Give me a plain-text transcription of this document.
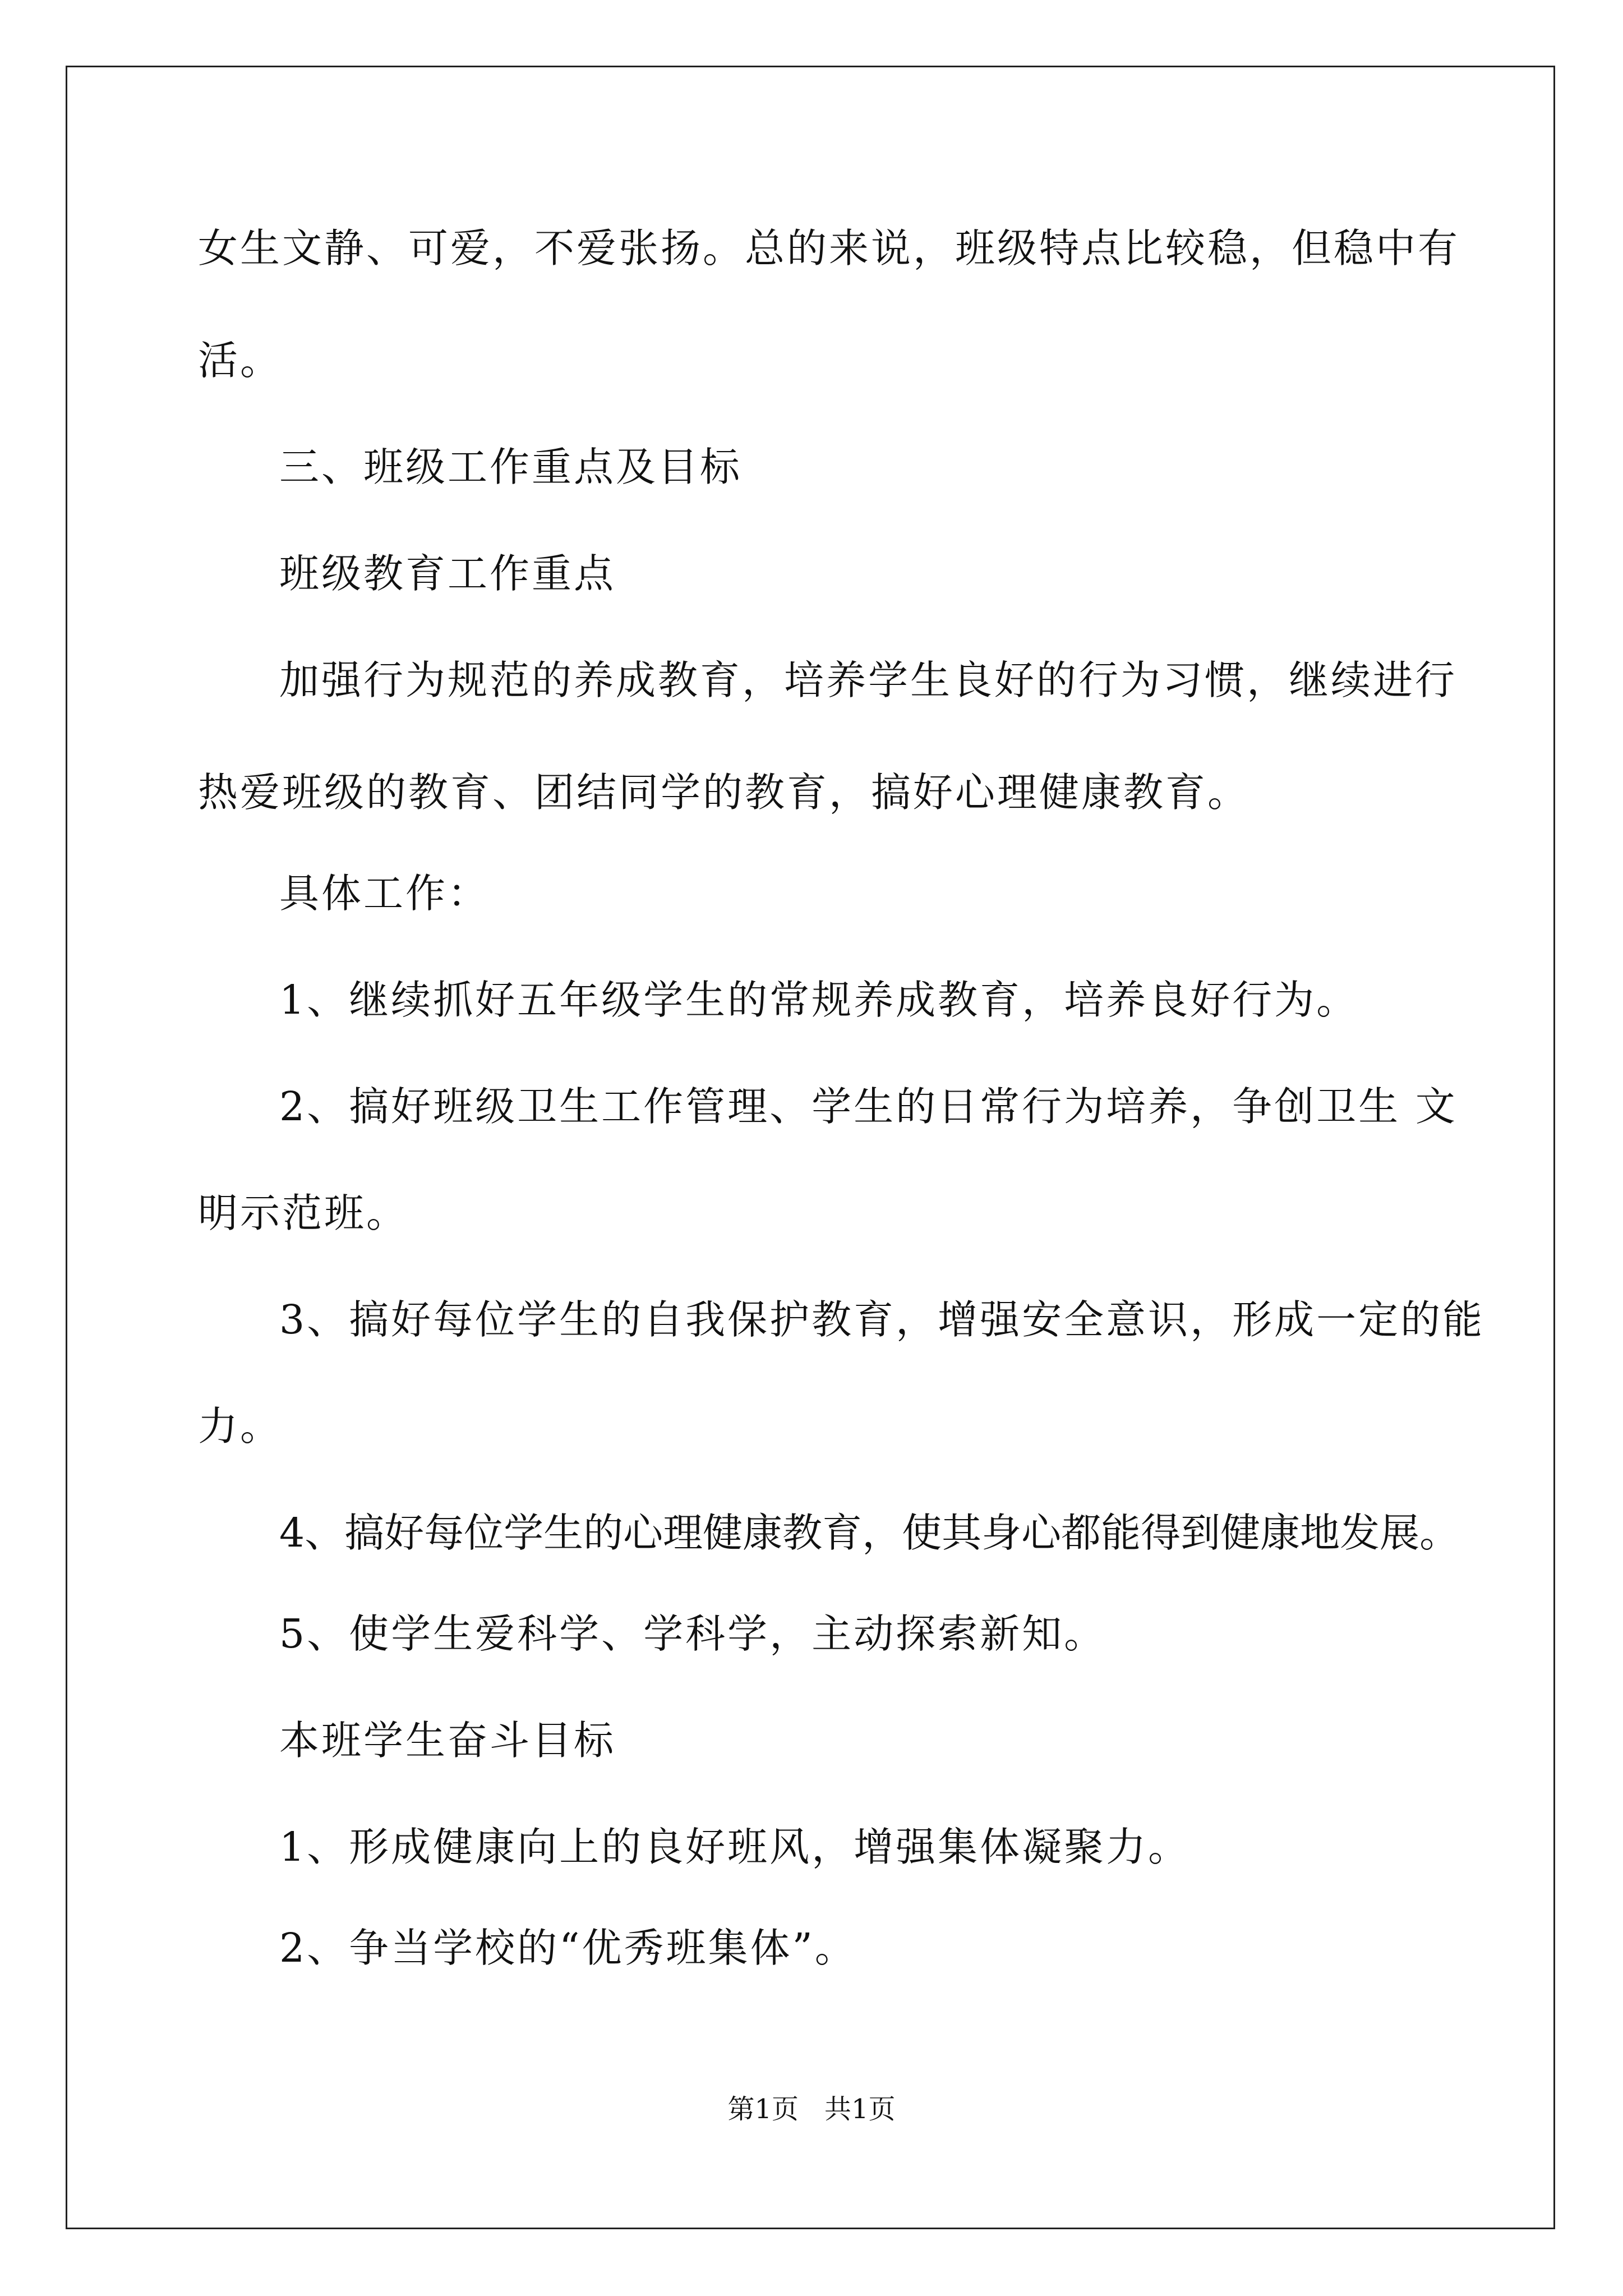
女生文静、可爱，不爱张扬。总的来说，班级特点比较稳，但稳中有
活。
三、班级工作重点及目标
班级教育工作重点
加强行为规范的养成教育，培养学生良好的行为习惯，继续进行
热爱班级的教育、团结同学的教育，搞好心理健康教育。
具体工作：
1、继续抓好五年级学生的常规养成教育，培养良好行为。
2、搞好班级卫生工作管理、学生的日常行为培养，争创卫生 文
明示范班。
3、搞好每位学生的自我保护教育，增强安全意识，形成一定的能
力。
4、搞好每位学生的心理健康教育，使其身心都能得到健康地发展。
5、使学生爱科学、学科学，主动探索新知。
本班学生奋斗目标
1、形成健康向上的良好班风，增强集体凝聚力。
2、争当学校的“优秀班集体”。
第1页 共1页
